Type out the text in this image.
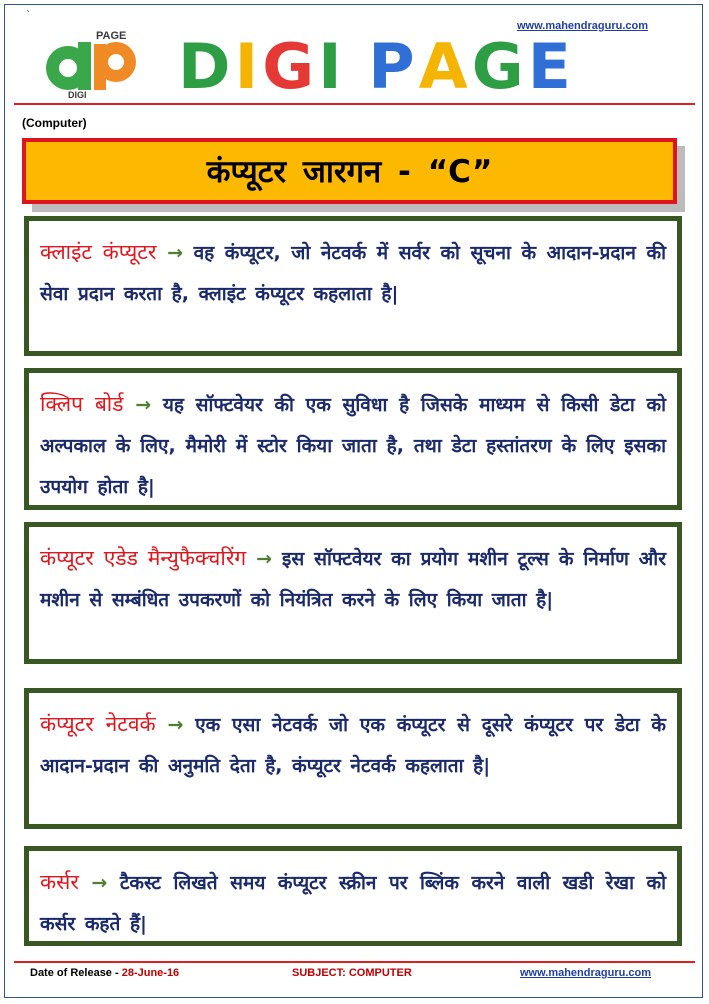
`
www.mahendraguru.com
PAGE
DIGI D I G I
P A G E
(Computer)
कंप्यूटर जारगन - “C”

क्लाइंट कंप्यूटर → वह कंप्यूटर, जो नेटवर्क में सर्वर को सूचना के आदान-प्रदान की सेवा प्रदान करता है, क्लाइंट कंप्यूटर कहलाता है|

क्लिप बोर्ड → यह सॉफ्टवेयर की एक सुविधा है जिसके माध्यम से किसी डेटा को अल्पकाल के लिए, मैमोरी में स्टोर किया जाता है, तथा डेटा हस्तांतरण के लिए इसका उपयोग होता है|

कंप्यूटर एडेड मैन्युफैक्चरिंग → इस सॉफ्टवेयर का प्रयोग मशीन टूल्स के निर्माण और मशीन से सम्बंधित उपकरणों को नियंत्रित करने के लिए किया जाता है|

कंप्यूटर नेटवर्क → एक एसा नेटवर्क जो एक कंप्यूटर से दूसरे कंप्यूटर पर डेटा के आदान-प्रदान की अनुमति देता है, कंप्यूटर नेटवर्क कहलाता है|

कर्सर → टैकस्ट लिखते समय कंप्यूटर स्क्रीन पर ब्लिंक करने वाली खडी रेखा को कर्सर कहते हैं|

Date of Release - 28-June-16	SUBJECT: COMPUTER	www.mahendraguru.com
